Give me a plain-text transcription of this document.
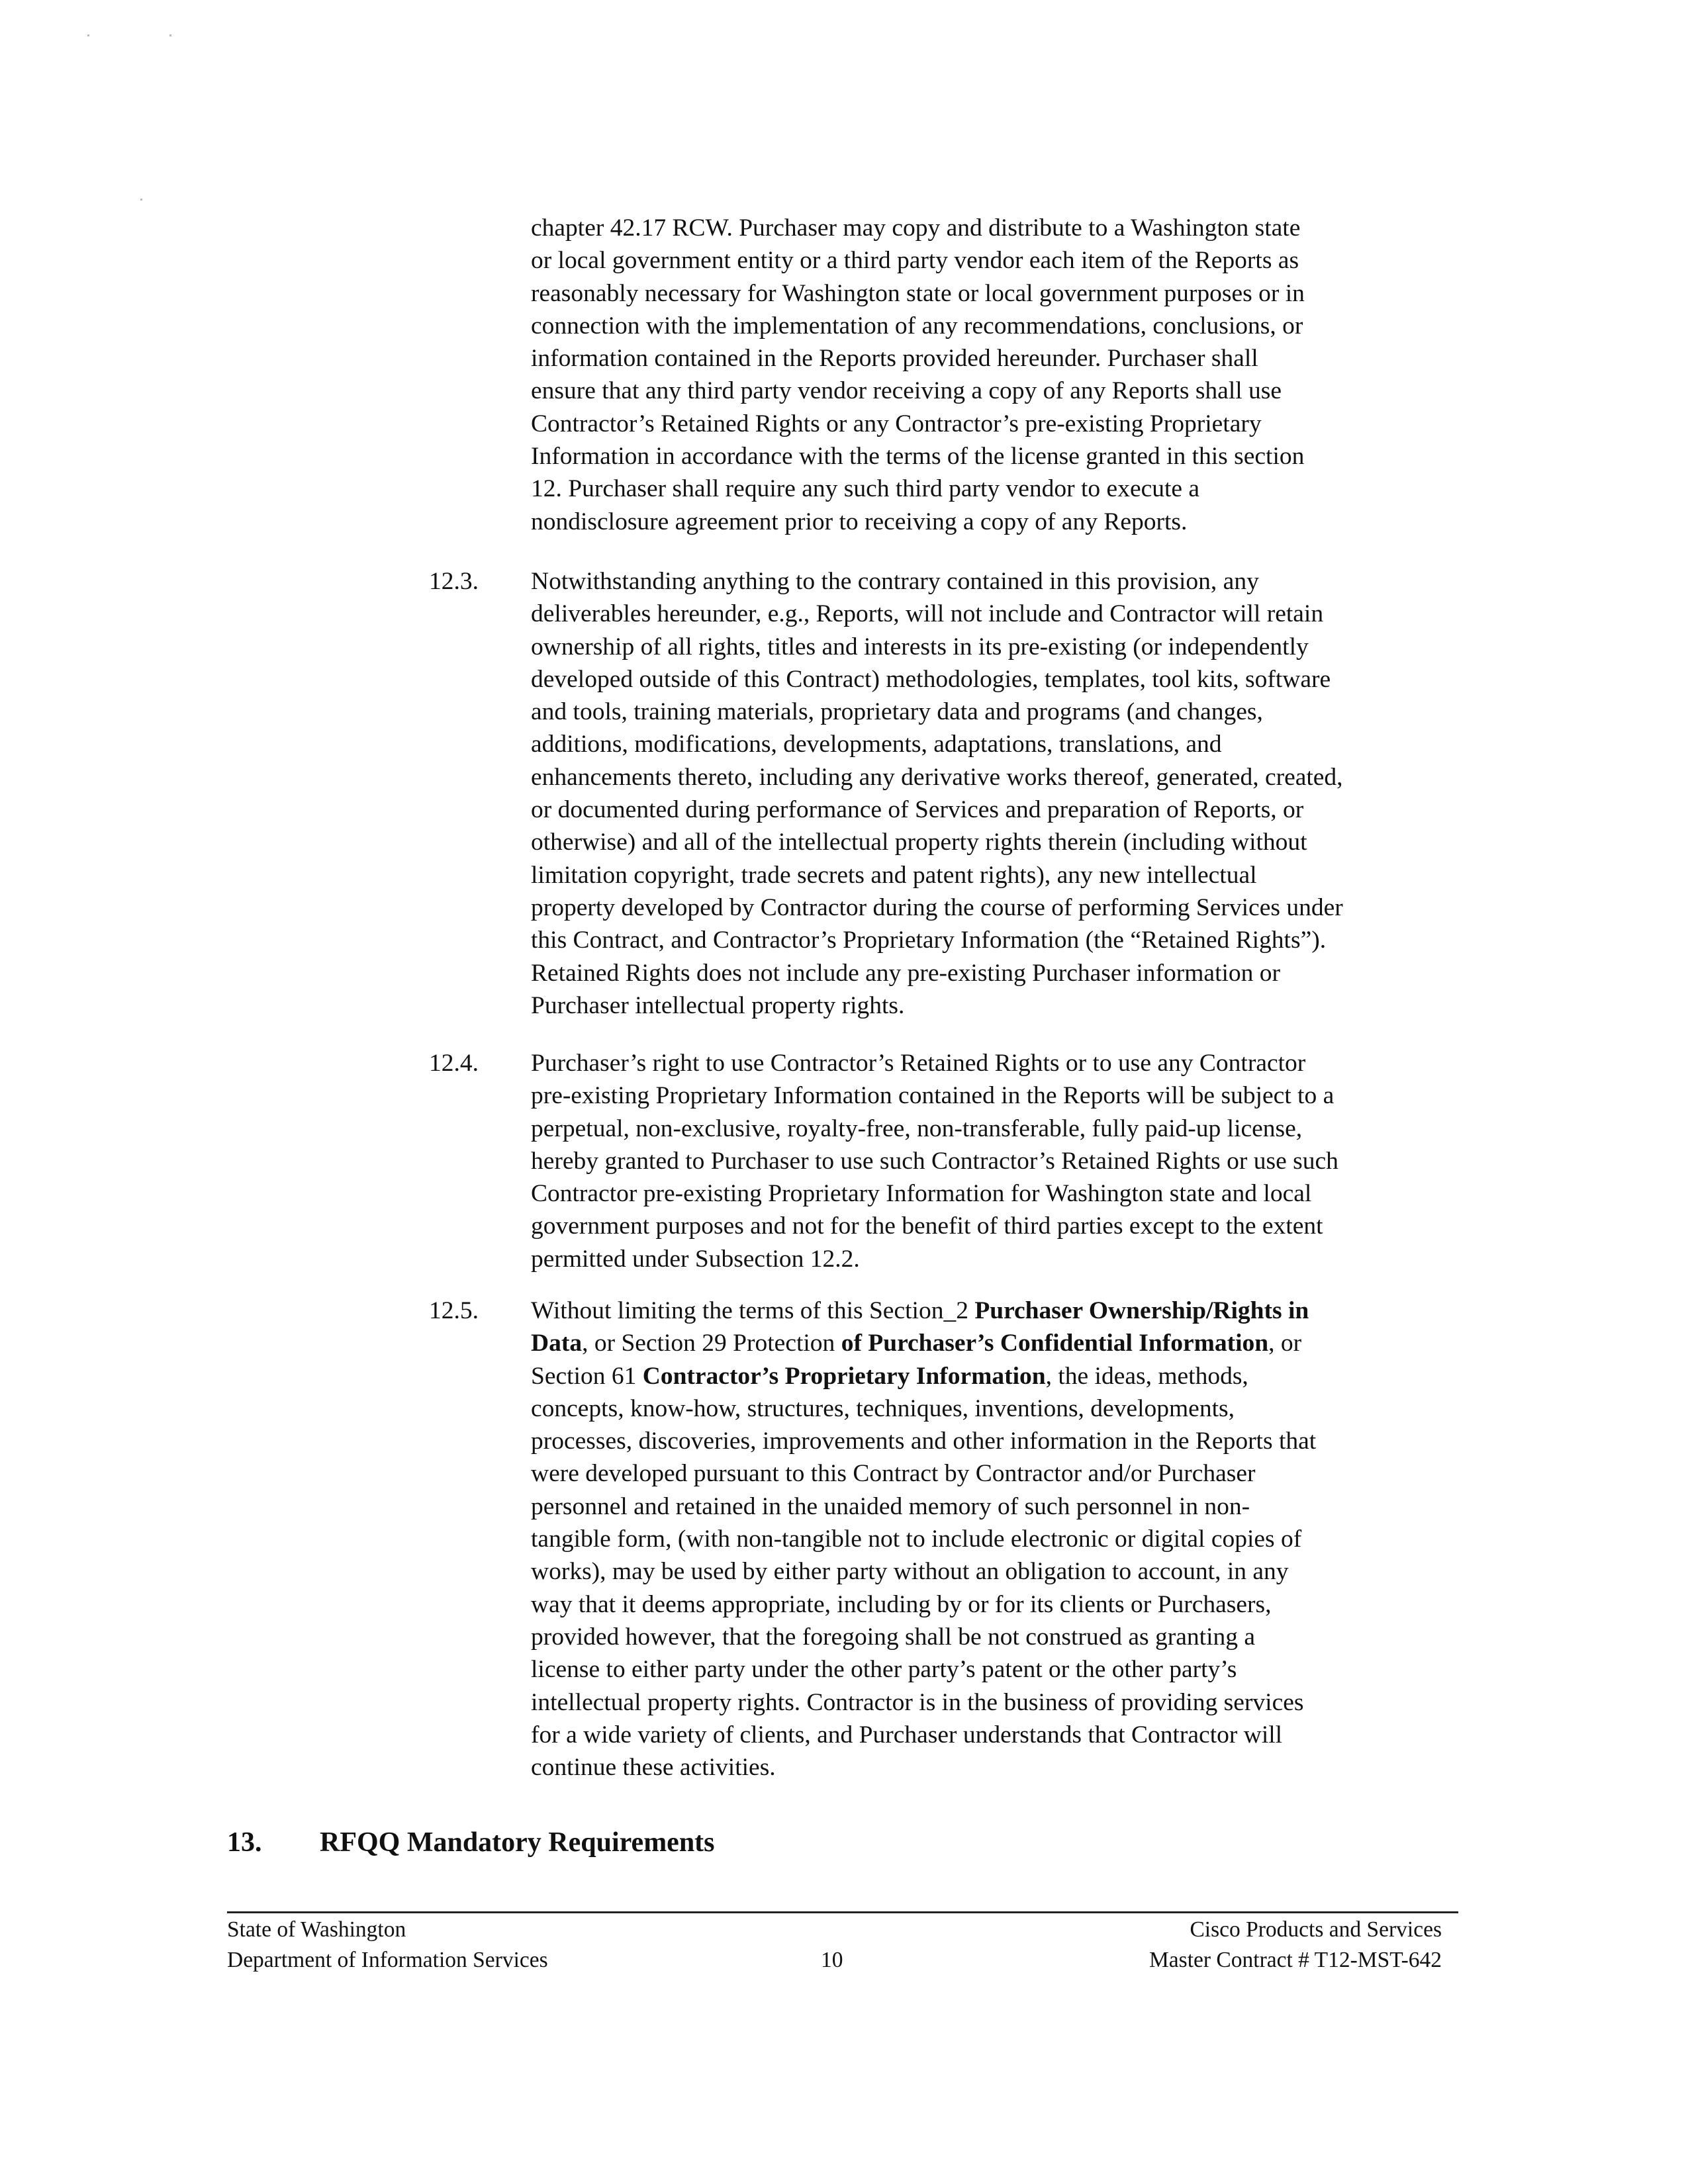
chapter 42.17 RCW. Purchaser may copy and distribute to a Washington state
or local government entity or a third party vendor each item of the Reports as
reasonably necessary for Washington state or local government purposes or in
connection with the implementation of any recommendations, conclusions, or
information contained in the Reports provided hereunder. Purchaser shall
ensure that any third party vendor receiving a copy of any Reports shall use
Contractor’s Retained Rights or any Contractor’s pre-existing Proprietary
Information in accordance with the terms of the license granted in this section
12. Purchaser shall require any such third party vendor to execute a
nondisclosure agreement prior to receiving a copy of any Reports.
12.3. Notwithstanding anything to the contrary contained in this provision, any
deliverables hereunder, e.g., Reports, will not include and Contractor will retain
ownership of all rights, titles and interests in its pre-existing (or independently
developed outside of this Contract) methodologies, templates, tool kits, software
and tools, training materials, proprietary data and programs (and changes,
additions, modifications, developments, adaptations, translations, and
enhancements thereto, including any derivative works thereof, generated, created,
or documented during performance of Services and preparation of Reports, or
otherwise) and all of the intellectual property rights therein (including without
limitation copyright, trade secrets and patent rights), any new intellectual
property developed by Contractor during the course of performing Services under
this Contract, and Contractor’s Proprietary Information (the “Retained Rights”).
Retained Rights does not include any pre-existing Purchaser information or
Purchaser intellectual property rights.
12.4. Purchaser’s right to use Contractor’s Retained Rights or to use any Contractor
pre-existing Proprietary Information contained in the Reports will be subject to a
perpetual, non-exclusive, royalty-free, non-transferable, fully paid-up license,
hereby granted to Purchaser to use such Contractor’s Retained Rights or use such
Contractor pre-existing Proprietary Information for Washington state and local
government purposes and not for the benefit of third parties except to the extent
permitted under Subsection 12.2.
12.5. Without limiting the terms of this Section_2 Purchaser Ownership/Rights in
Data, or Section 29 Protection of Purchaser’s Confidential Information, or
Section 61 Contractor’s Proprietary Information, the ideas, methods,
concepts, know-how, structures, techniques, inventions, developments,
processes, discoveries, improvements and other information in the Reports that
were developed pursuant to this Contract by Contractor and/or Purchaser
personnel and retained in the unaided memory of such personnel in non-
tangible form, (with non-tangible not to include electronic or digital copies of
works), may be used by either party without an obligation to account, in any
way that it deems appropriate, including by or for its clients or Purchasers,
provided however, that the foregoing shall be not construed as granting a
license to either party under the other party’s patent or the other party’s
intellectual property rights. Contractor is in the business of providing services
for a wide variety of clients, and Purchaser understands that Contractor will
continue these activities.
13. RFQQ Mandatory Requirements
State of Washington
Department of Information Services	10
Cisco Products and Services
Master Contract # T12-MST-642
